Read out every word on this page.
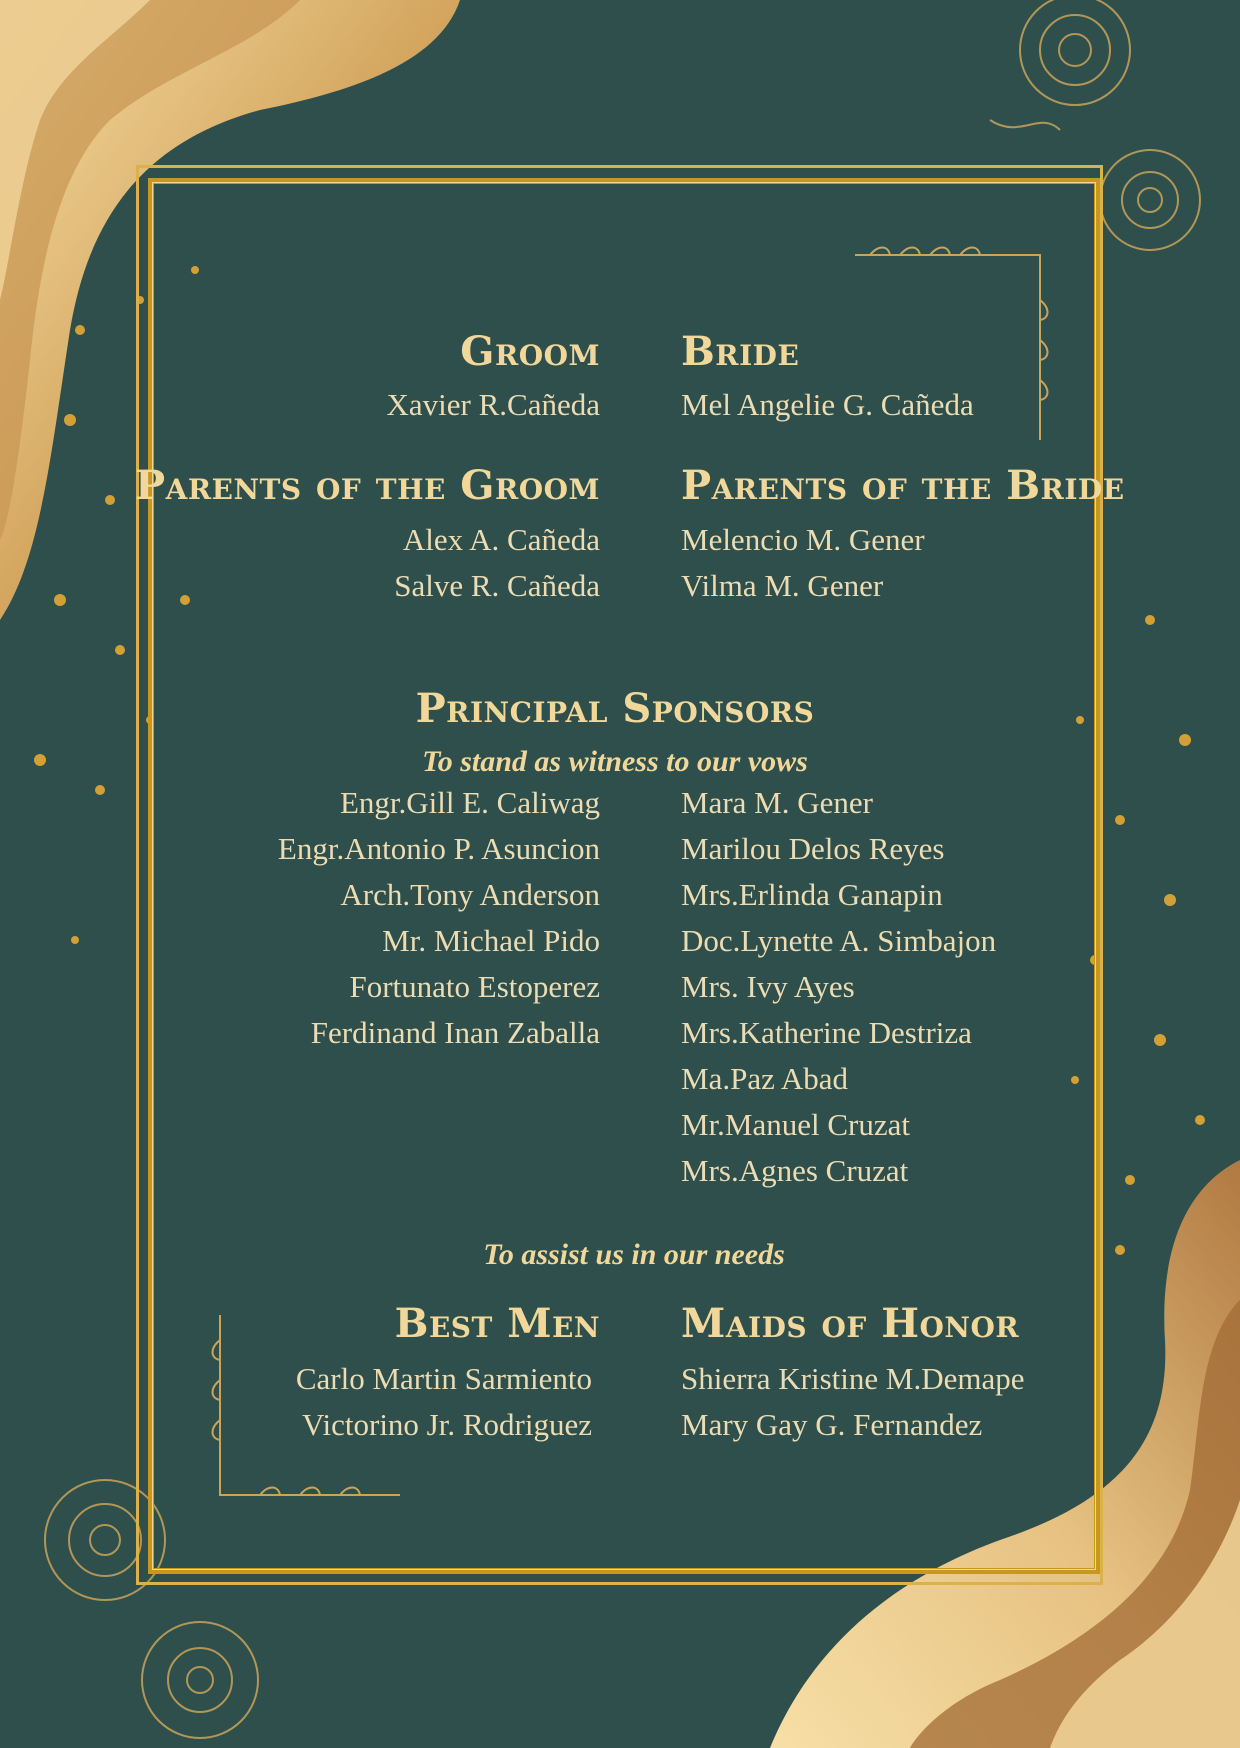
Groom
Xavier R.Cañeda
Bride
Mel Angelie G. Cañeda
Parents of the Groom
Alex A. Cañeda
Salve R. Cañeda
Parents of the Bride
Melencio M. Gener
Vilma M. Gener
Principal Sponsors
To stand as witness to our vows
Engr.Gill E. Caliwag
Engr.Antonio P. Asuncion
Arch.Tony Anderson
Mr. Michael Pido
Fortunato Estoperez
Ferdinand Inan Zaballa
Mara M. Gener
Marilou Delos Reyes
Mrs.Erlinda Ganapin
Doc.Lynette A. Simbajon
Mrs. Ivy Ayes
Mrs.Katherine Destriza
Ma.Paz Abad
Mr.Manuel Cruzat
Mrs.Agnes Cruzat
To assist us in our needs
Best Men
Carlo Martin Sarmiento
Victorino Jr. Rodriguez
Maids of Honor
Shierra Kristine M.Demape
Mary Gay G. Fernandez
